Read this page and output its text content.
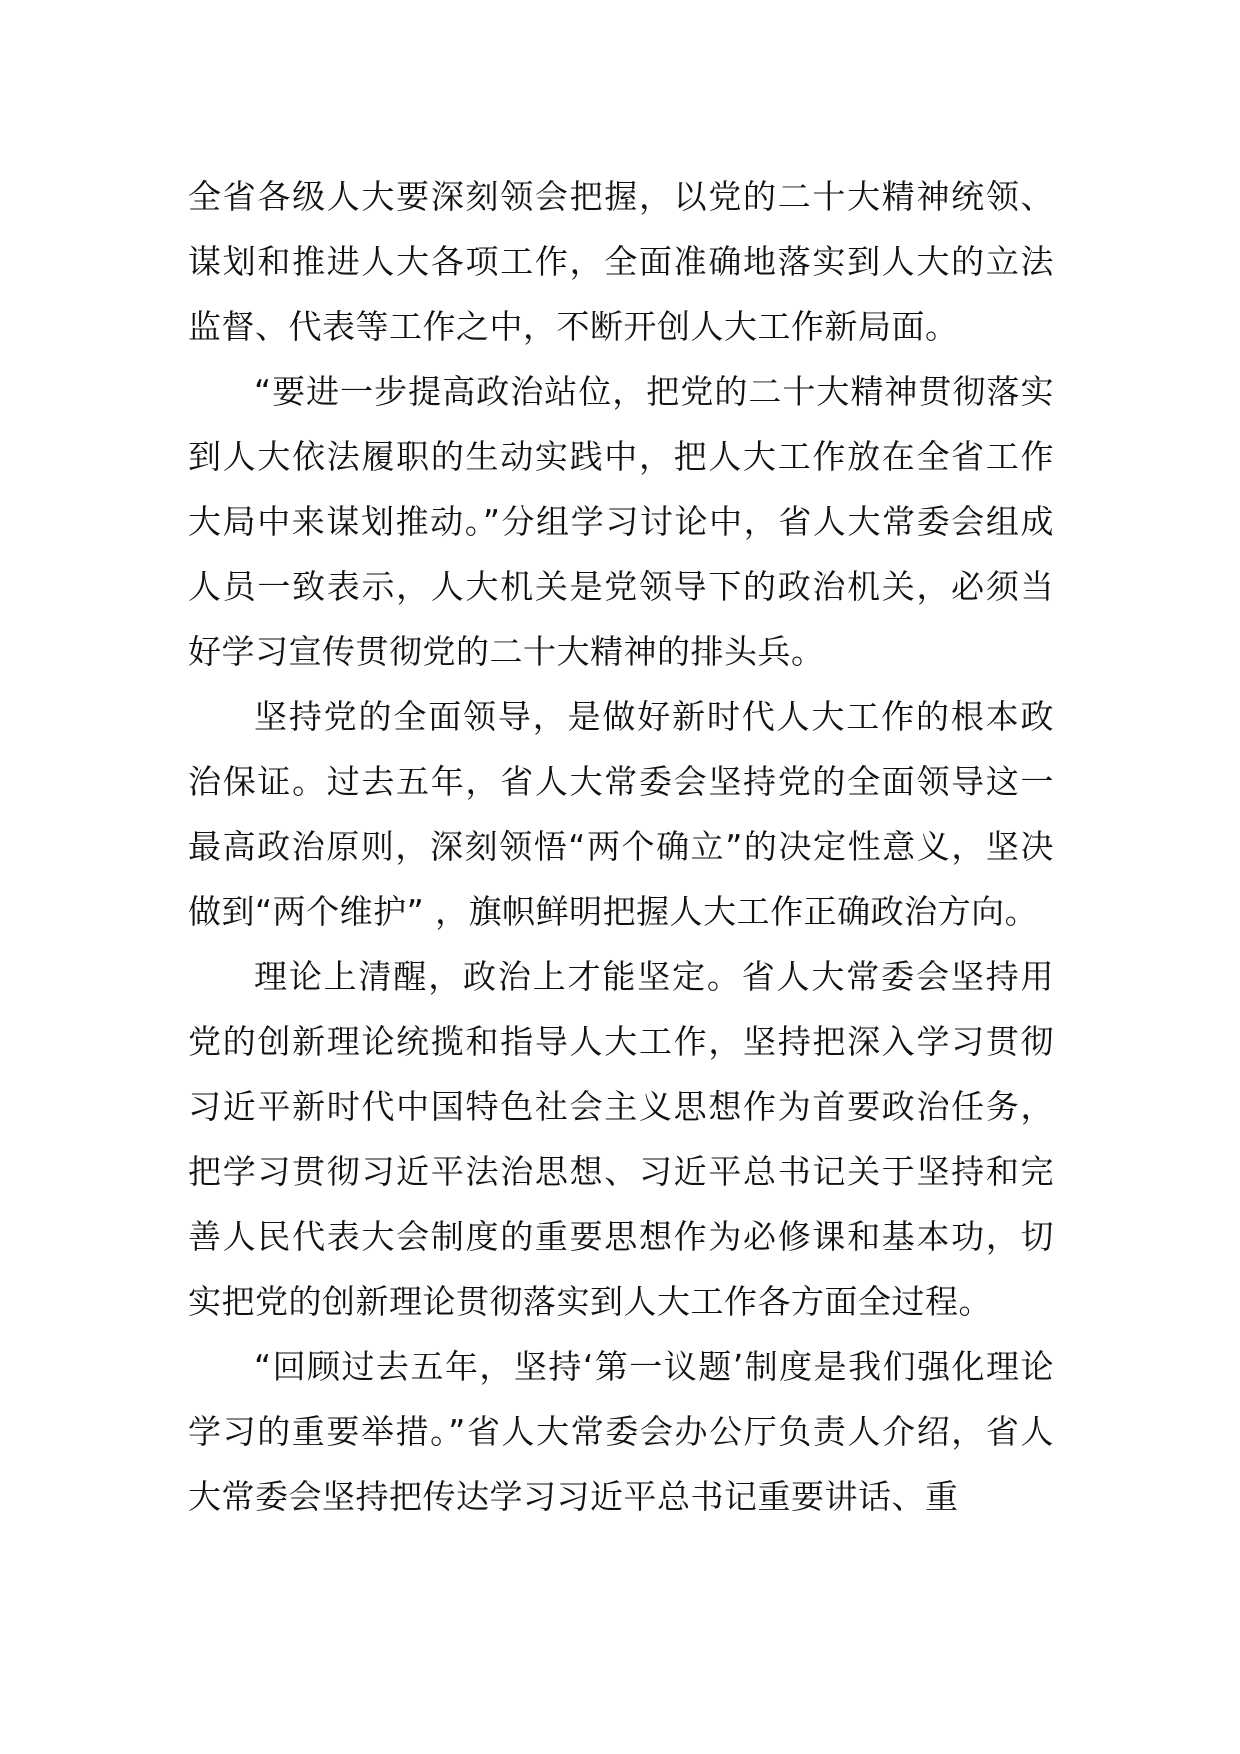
全省各级人大要深刻领会把握，以党的二十大精神统领、谋划和推进人大各项工作，全面准确地落实到人大的立法监督、代表等工作之中，不断开创人大工作新局面。

“要进一步提高政治站位，把党的二十大精神贯彻落实到人大依法履职的生动实践中，把人大工作放在全省工作大局中来谋划推动。”分组学习讨论中，省人大常委会组成人员一致表示，人大机关是党领导下的政治机关，必须当好学习宣传贯彻党的二十大精神的排头兵。

坚持党的全面领导，是做好新时代人大工作的根本政治保证。过去五年，省人大常委会坚持党的全面领导这一最高政治原则，深刻领悟“两个确立”的决定性意义，坚决做到“两个维护” ，旗帜鲜明把握人大工作正确政治方向。

理论上清醒，政治上才能坚定。省人大常委会坚持用党的创新理论统揽和指导人大工作，坚持把深入学习贯彻习近平新时代中国特色社会主义思想作为首要政治任务，把学习贯彻习近平法治思想、习近平总书记关于坚持和完善人民代表大会制度的重要思想作为必修课和基本功，切实把党的创新理论贯彻落实到人大工作各方面全过程。

“回顾过去五年，坚持‘第一议题’制度是我们强化理论学习的重要举措。”省人大常委会办公厅负责人介绍，省人大常委会坚持把传达学习习近平总书记重要讲话、重
